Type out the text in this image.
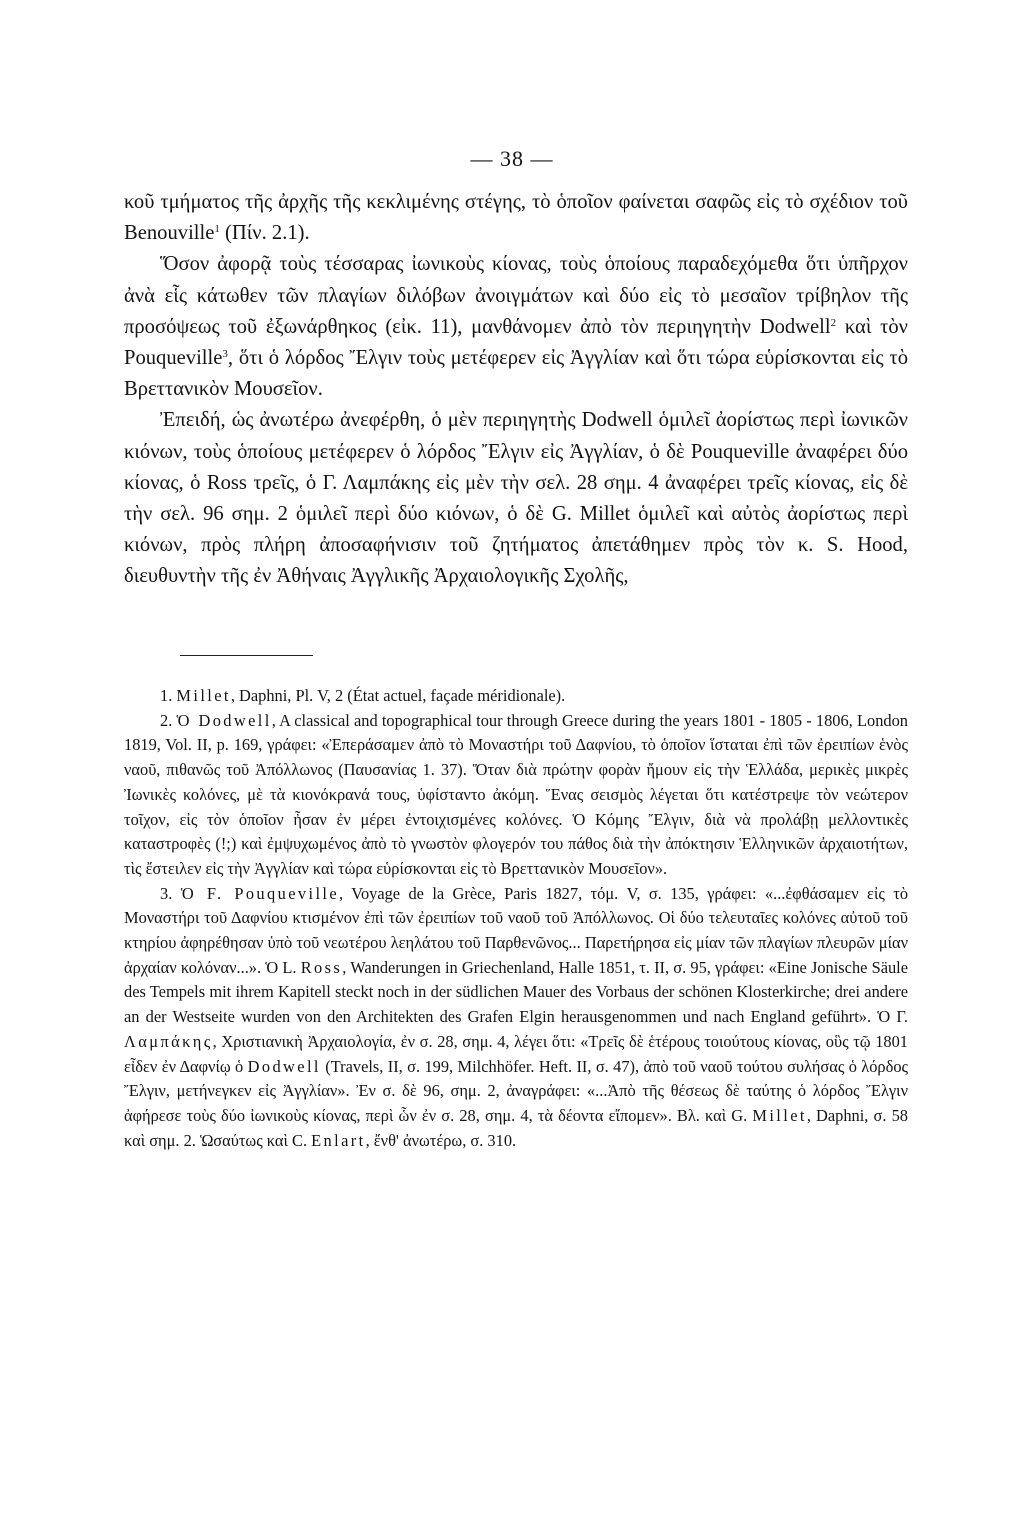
— 38 —

κοῦ τμήματος τῆς ἀρχῆς τῆς κεκλιμένης στέγης, τὸ ὁποῖον φαίνεται σαφῶς εἰς τὸ σχέδιον τοῦ Benouville$^1$ (Πίν. 2.1).

Ὅσον ἀφορᾷ τοὺς τέσσαρας ἰωνικοὺς κίονας, τοὺς ὁποίους παραδεχόμεθα ὅτι ὑπῆρχον ἀνὰ εἷς κάτωθεν τῶν πλαγίων διλόβων ἀνοιγμάτων καὶ δύο εἰς τὸ μεσαῖον τρίβηλον τῆς προσόψεως τοῦ ἐξωνάρθηκος (εἰκ. 11), μανθάνομεν ἀπὸ τὸν περιηγητὴν Dodwell$^2$ καὶ τὸν Pouqueville$^3$, ὅτι ὁ λόρδος Ἔλγιν τοὺς μετέφερεν εἰς Ἀγγλίαν καὶ ὅτι τώρα εὑρίσκονται εἰς τὸ Βρεττανικὸν Μουσεῖον.

Ἐπειδή, ὡς ἀνωτέρω ἀνεφέρθη, ὁ μὲν περιηγητὴς Dodwell ὁμιλεῖ ἀορίστως περὶ ἰωνικῶν κιόνων, τοὺς ὁποίους μετέφερεν ὁ λόρδος Ἔλγιν εἰς Ἀγγλίαν, ὁ δὲ Pouqueville ἀναφέρει δύο κίονας, ὁ Ross τρεῖς, ὁ Γ. Λαμπάκης εἰς μὲν τὴν σελ. 28 σημ. 4 ἀναφέρει τρεῖς κίονας, εἰς δὲ τὴν σελ. 96 σημ. 2 ὁμιλεῖ περὶ δύο κιόνων, ὁ δὲ G. Millet ὁμιλεῖ καὶ αὐτὸς ἀορίστως περὶ κιόνων, πρὸς πλήρη ἀποσαφήνισιν τοῦ ζητήματος ἀπετάθημεν πρὸς τὸν κ. S. Hood, διευθυντὴν τῆς ἐν Ἀθήναις Ἀγγλικῆς Ἀρχαιολογικῆς Σχολῆς,

1. Millet, Daphni, Pl. V, 2 (État actuel, façade méridionale).

2. Ὁ Dodwell, A classical and topographical tour through Greece during the years 1801 - 1805 - 1806, London 1819, Vol. II, p. 169, γράφει: «Ἐπεράσαμεν ἀπὸ τὸ Μοναστήρι τοῦ Δαφνίου, τὸ ὁποῖον ἵσταται ἐπὶ τῶν ἐρειπίων ἑνὸς ναοῦ, πιθανῶς τοῦ Ἀπόλλωνος (Παυσανίας 1. 37). Ὅταν διὰ πρώτην φορὰν ἤμουν εἰς τὴν Ἑλλάδα, μερικὲς μικρὲς Ἰωνικὲς κολόνες, μὲ τὰ κιονόκρανά τους, ὑφίσταντο ἀκόμη. Ἕνας σεισμὸς λέγεται ὅτι κατέστρεψε τὸν νεώτερον τοῖχον, εἰς τὸν ὁποῖον ἦσαν ἐν μέρει ἐντοιχισμένες κολόνες. Ὁ Κόμης Ἔλγιν, διὰ νὰ προλάβῃ μελλοντικὲς καταστροφὲς (!;) καὶ ἐμψυχωμένος ἀπὸ τὸ γνωστὸν φλογερόν του πάθος διὰ τὴν ἀπόκτησιν Ἑλληνικῶν ἀρχαιοτήτων, τὶς ἔστειλεν εἰς τὴν Ἀγγλίαν καὶ τώρα εὑρίσκονται εἰς τὸ Βρεττανικὸν Μουσεῖον».

3. Ὁ F. Pouqueville, Voyage de la Grèce, Paris 1827, τόμ. V, σ. 135, γράφει: «...ἐφθάσαμεν εἰς τὸ Μοναστήρι τοῦ Δαφνίου κτισμένον ἐπὶ τῶν ἐρειπίων τοῦ ναοῦ τοῦ Ἀπόλλωνος. Οἱ δύο τελευταῖες κολόνες αὐτοῦ τοῦ κτηρίου ἀφηρέθησαν ὑπὸ τοῦ νεωτέρου λεηλάτου τοῦ Παρθενῶνος... Παρετήρησα εἰς μίαν τῶν πλαγίων πλευρῶν μίαν ἀρχαίαν κολόναν...». Ὁ L. Ross, Wanderungen in Griechenland, Halle 1851, τ. II, σ. 95, γράφει: «Eine Jonische Säule des Tempels mit ihrem Kapitell steckt noch in der südlichen Mauer des Vorbaus der schönen Klosterkirche; drei andere an der Westseite wurden von den Architekten des Grafen Elgin herausgenommen und nach England geführt». Ὁ Γ. Λαμπάκης, Χριστιανικὴ Ἀρχαιολογία, ἐν σ. 28, σημ. 4, λέγει ὅτι: «Τρεῖς δὲ ἑτέρους τοιούτους κίονας, οὓς τῷ 1801 εἶδεν ἐν Δαφνίῳ ὁ Dodwell (Travels, II, σ. 199, Milchhöfer. Heft. II, σ. 47), ἀπὸ τοῦ ναοῦ τούτου συλήσας ὁ λόρδος Ἔλγιν, μετήνεγκεν εἰς Ἀγγλίαν». Ἐν σ. δὲ 96, σημ. 2, ἀναγράφει: «...Ἀπὸ τῆς θέσεως δὲ ταύτης ὁ λόρδος Ἔλγιν ἀφήρεσε τοὺς δύο ἰωνικοὺς κίονας, περὶ ὧν ἐν σ. 28, σημ. 4, τὰ δέοντα εἴπομεν». Βλ. καὶ G. Millet, Daphni, σ. 58 καὶ σημ. 2. Ὡσαύτως καὶ C. Enlart, ἔνθ' ἀνωτέρω, σ. 310.
